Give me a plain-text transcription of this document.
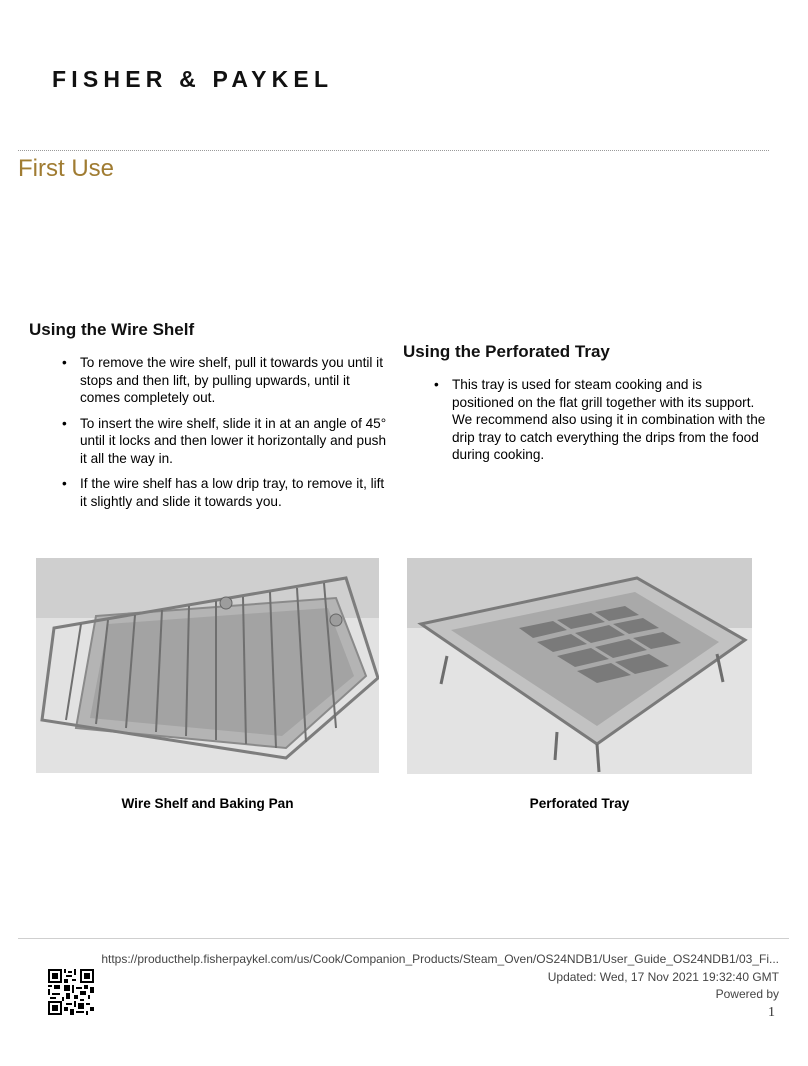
FISHER & PAYKEL
First Use
Using the Wire Shelf
• To remove the wire shelf, pull it towards you until it stops and then lift, by pulling upwards, until it comes completely out.
• To insert the wire shelf, slide it in at an angle of 45° until it locks and then lower it horizontally and push it all the way in.
• If the wire shelf has a low drip tray, to remove it, lift it slightly and slide it towards you.
Using the Perforated Tray
• This tray is used for steam cooking and is positioned on the flat grill together with its support. We recommend also using it in combination with the drip tray to catch everything the drips from the food during cooking.

Wire Shelf and Baking Pan	Perforated Tray

https://producthelp.fisherpaykel.com/us/Cook/Companion_Products/Steam_Oven/OS24NDB1/User_Guide_OS24NDB1/03_Fi...
Updated: Wed, 17 Nov 2021 19:32:40 GMT
Powered by
1
